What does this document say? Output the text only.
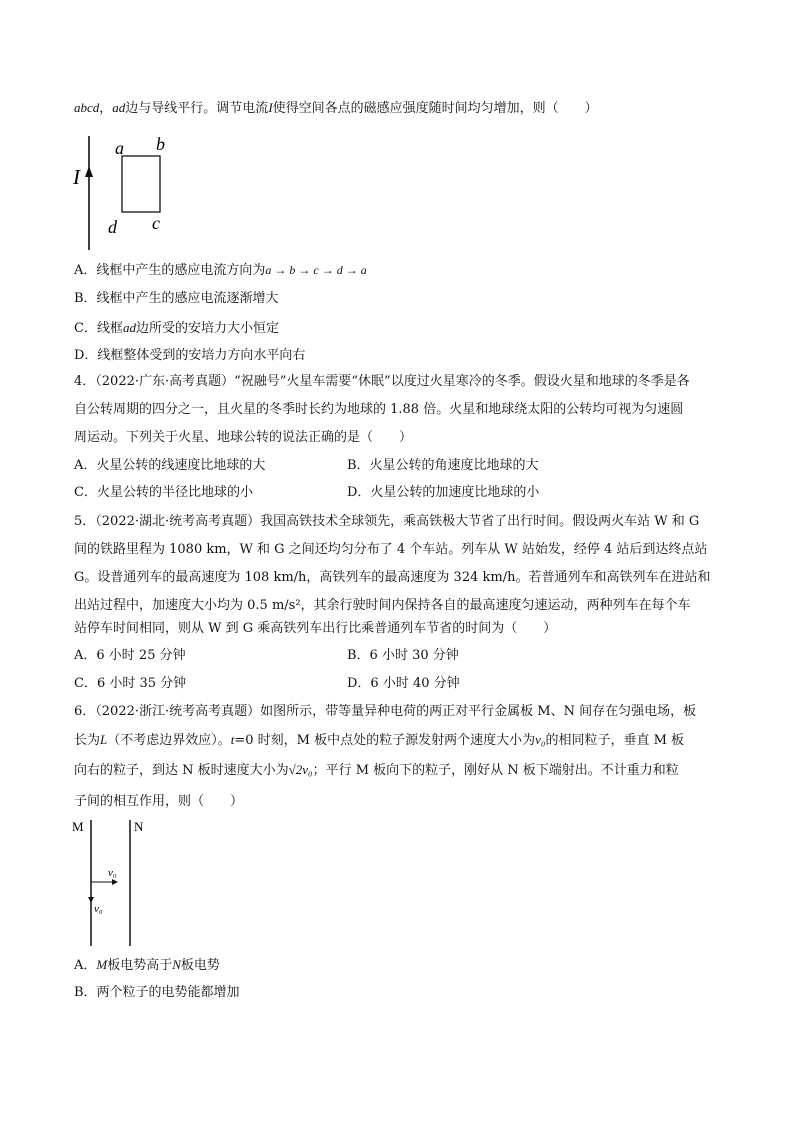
abcd，ad边与导线平行。调节电流I使得空间各点的磁感应强度随时间均匀增加，则（　　）
I
a b
c
d
A．线框中产生的感应电流方向为a → b → c → d → a
B．线框中产生的感应电流逐渐增大
C．线框ad边所受的安培力大小恒定
D．线框整体受到的安培力方向水平向右
4．（2022·广东·高考真题）“祝融号”火星车需要“休眠”以度过火星寒冷的冬季。假设火星和地球的冬季是各
自公转周期的四分之一，且火星的冬季时长约为地球的 1.88 倍。火星和地球绕太阳的公转均可视为匀速圆
周运动。下列关于火星、地球公转的说法正确的是（　　）
A．火星公转的线速度比地球的大	B．火星公转的角速度比地球的大
C．火星公转的半径比地球的小	D．火星公转的加速度比地球的小
5．（2022·湖北·统考高考真题）我国高铁技术全球领先，乘高铁极大节省了出行时间。假设两火车站 W 和 G
间的铁路里程为 1080 km，W 和 G 之间还均匀分布了 4 个车站。列车从 W 站始发，经停 4 站后到达终点站
G。设普通列车的最高速度为 108 km/h，高铁列车的最高速度为 324 km/h。若普通列车和高铁列车在进站和
出站过程中，加速度大小均为 0.5 m/s²，其余行驶时间内保持各自的最高速度匀速运动，两种列车在每个车
站停车时间相同，则从 W 到 G 乘高铁列车出行比乘普通列车节省的时间为（　　）
A．6 小时 25 分钟	B．6 小时 30 分钟
C．6 小时 35 分钟	D．6 小时 40 分钟
6．（2022·浙江·统考高考真题）如图所示，带等量异种电荷的两正对平行金属板 M、N 间存在匀强电场，板
长为L（不考虑边界效应）。t=0 时刻，M 板中点处的粒子源发射两个速度大小为v₀的相同粒子，垂直 M 板
向右的粒子，到达 N 板时速度大小为√2v₀；平行 M 板向下的粒子，刚好从 N 板下端射出。不计重力和粒
子间的相互作用，则（　　）
M	N
v₀
v₀
A．M板电势高于N板电势
B．两个粒子的电势能都增加
